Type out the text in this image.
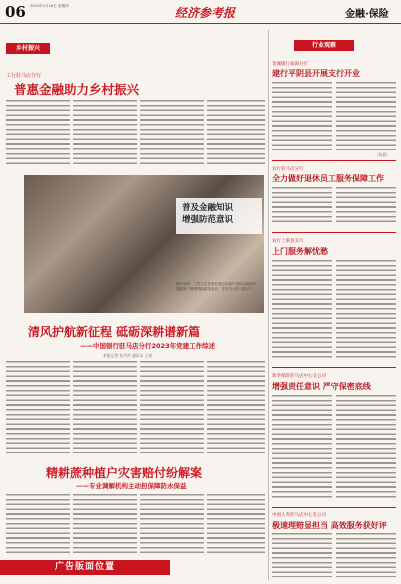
06 2024年1月18日 星期四	经济参考报	金融·保险
乡村振兴
工行驻马店分行
普惠金融助力乡村振兴
普及金融知识
增强防范意识
图片说明：工作人员在营业网点向客户宣传金融知识，提醒客户增强风险防范意识，守好自己的“钱袋子”。
清风护航新征程 砥砺深耕谱新篇
——中国银行驻马店分行2023年党建工作综述
本报记者 张丹丹 通讯员 王成
精耕蔗种植户灾害赔付纷解案
——专业调解机构主动担保障防水保益
广告版面位置
行业观察
金城银行威海分行
建行平阴县开展支行开业
（陈晨）
农行驻马店分行
全力做好退休员工服务保障工作
农行上蔡县支行
上门服务解忧愁
新华保险驻马店中心支公司
增强责任意识 严守保密底线
中国人寿驻马店中心支公司
极速理赔显担当 高效服务获好评
